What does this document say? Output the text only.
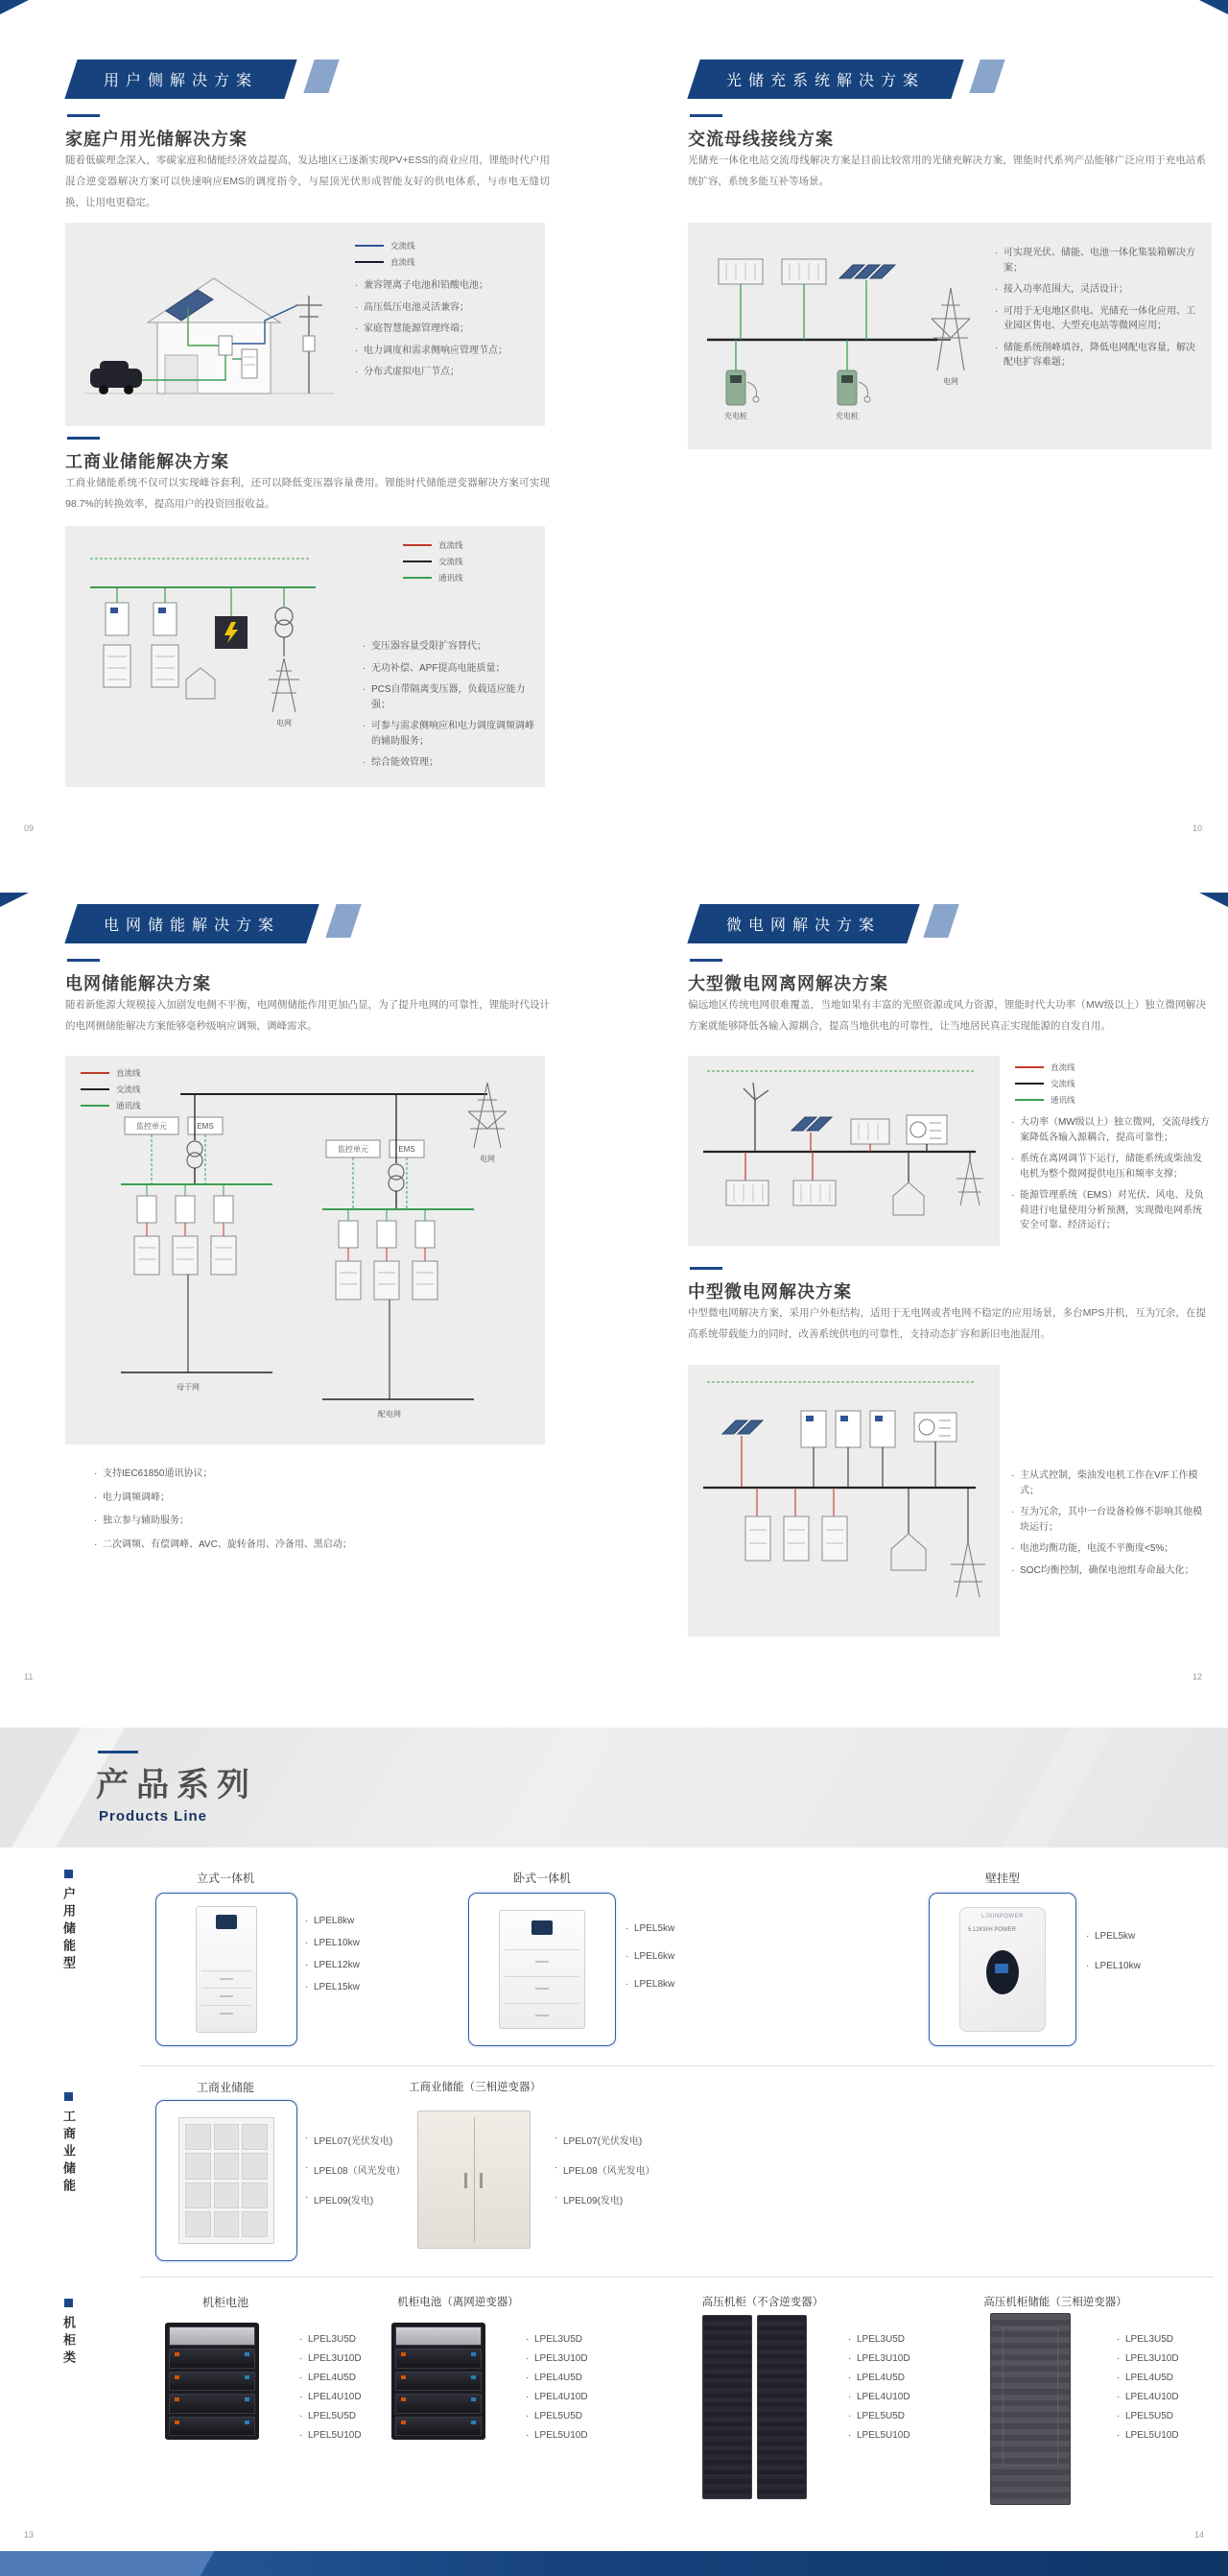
用户侧解决方案
家庭户用光储解决方案
随着低碳理念深入，零碳家庭和储能经济效益提高，发达地区已逐渐实现PV+ESS的商业应用，锂能时代户用混合逆变器解决方案可以快速响应EMS的调度指令，与屋顶光伏形成智能友好的供电体系，与市电无缝切换，让用电更稳定。
交流线
直流线
· 兼容锂离子电池和铅酸电池；
· 高压低压电池灵活兼容；
· 家庭智慧能源管理终端；
· 电力调度和需求侧响应管理节点；
· 分布式虚拟电厂节点；
工商业储能解决方案
工商业储能系统不仅可以实现峰谷套利，还可以降低变压器容量费用。锂能时代储能逆变器解决方案可实现98.7%的转换效率，提高用户的投资回报收益。
电网
直流线
交流线
通讯线
· 变压器容量受限扩容替代；
· 无功补偿、APF提高电能质量；
· PCS自带隔离变压器，负载适应能力强；
· 可参与需求侧响应和电力调度调频调峰的辅助服务；
· 综合能效管理；
09
光储充系统解决方案
交流母线接线方案
光储充一体化电站交流母线解决方案是目前比较常用的光储充解决方案，锂能时代系列产品能够广泛应用于充电站系统扩容，系统多能互补等场景。
充电桩	充电桩
电网
· 可实现光伏、储能、电池一体化集装箱解决方案；
· 接入功率范围大，灵活设计；
· 可用于无电地区供电、光储充一体化应用、工业园区售电、大型充电站等微网应用；
· 储能系统削峰填谷，降低电网配电容量，解决配电扩容难题；
10
电网储能解决方案
电网储能解决方案
随着新能源大规模接入加剧发电侧不平衡，电网侧储能作用更加凸显，为了提升电网的可靠性，锂能时代设计的电网侧储能解决方案能够毫秒级响应调频，调峰需求。
直流线
交流线
通讯线
电网
监控单元	EMS
母干网
监控单元	EMS
配电网
· 支持IEC61850通讯协议；
· 电力调频调峰；
· 独立参与辅助服务；
· 二次调频、有偿调峰、AVC、旋转备用、冷备用、黑启动；
11
微电网解决方案
大型微电网离网解决方案
偏远地区传统电网很难覆盖，当地如果有丰富的光照资源或风力资源，锂能时代大功率（MW级以上）独立微网解决方案就能够降低各输入源耦合，提高当地供电的可靠性，让当地居民真正实现能源的自发自用。
直流线
交流线
通讯线
· 大功率（MW级以上）独立微网，交流母线方案降低各输入源耦合，提高可靠性；
· 系统在离网调节下运行，储能系统或柴油发电机为整个微网提供电压和频率支撑；
· 能源管理系统（EMS）对光伏、风电、及负荷进行电量使用分析预测，实现微电网系统安全可靠、经济运行；
中型微电网解决方案
中型微电网解决方案，采用户外柜结构，适用于无电网或者电网不稳定的应用场景，多台MPS并机，互为冗余，在提高系统带载能力的同时，改善系统供电的可靠性，支持动态扩容和新旧电池混用。
· 主从式控制，柴油发电机工作在V/F工作模式；
· 互为冗余，其中一台设备检修不影响其他模块运行；
· 电池均衡功能，电流不平衡度<5%；
· SOC均衡控制，确保电池组寿命最大化；
12
产品系列
Products Line
户用储能型
工商业储能
机柜类
立式一体机
· LPEL8kw
· LPEL10kw
· LPEL12kw
· LPEL15kw
卧式一体机
· LPEL5kw
· LPEL6kw
· LPEL8kw
壁挂型
LJXINPOWER
5.12KWH POWER
· LPEL5kw
· LPEL10kw
工商业储能
· LPEL07(光伏发电)
· LPEL08（风光发电）
· LPEL09(发电)
工商业储能（三相逆变器）
· LPEL07(光伏发电)
· LPEL08（风光发电）
· LPEL09(发电)
机柜电池
· LPEL3U5D
· LPEL3U10D
· LPEL4U5D
· LPEL4U10D
· LPEL5U5D
· LPEL5U10D
机柜电池（离网逆变器）
· LPEL3U5D
· LPEL3U10D
· LPEL4U5D
· LPEL4U10D
· LPEL5U5D
· LPEL5U10D
高压机柜（不含逆变器）
· LPEL3U5D
· LPEL3U10D
· LPEL4U5D
· LPEL4U10D
· LPEL5U5D
· LPEL5U10D
高压机柜储能（三相逆变器）
· LPEL3U5D
· LPEL3U10D
· LPEL4U5D
· LPEL4U10D
· LPEL5U5D
· LPEL5U10D
13	14
